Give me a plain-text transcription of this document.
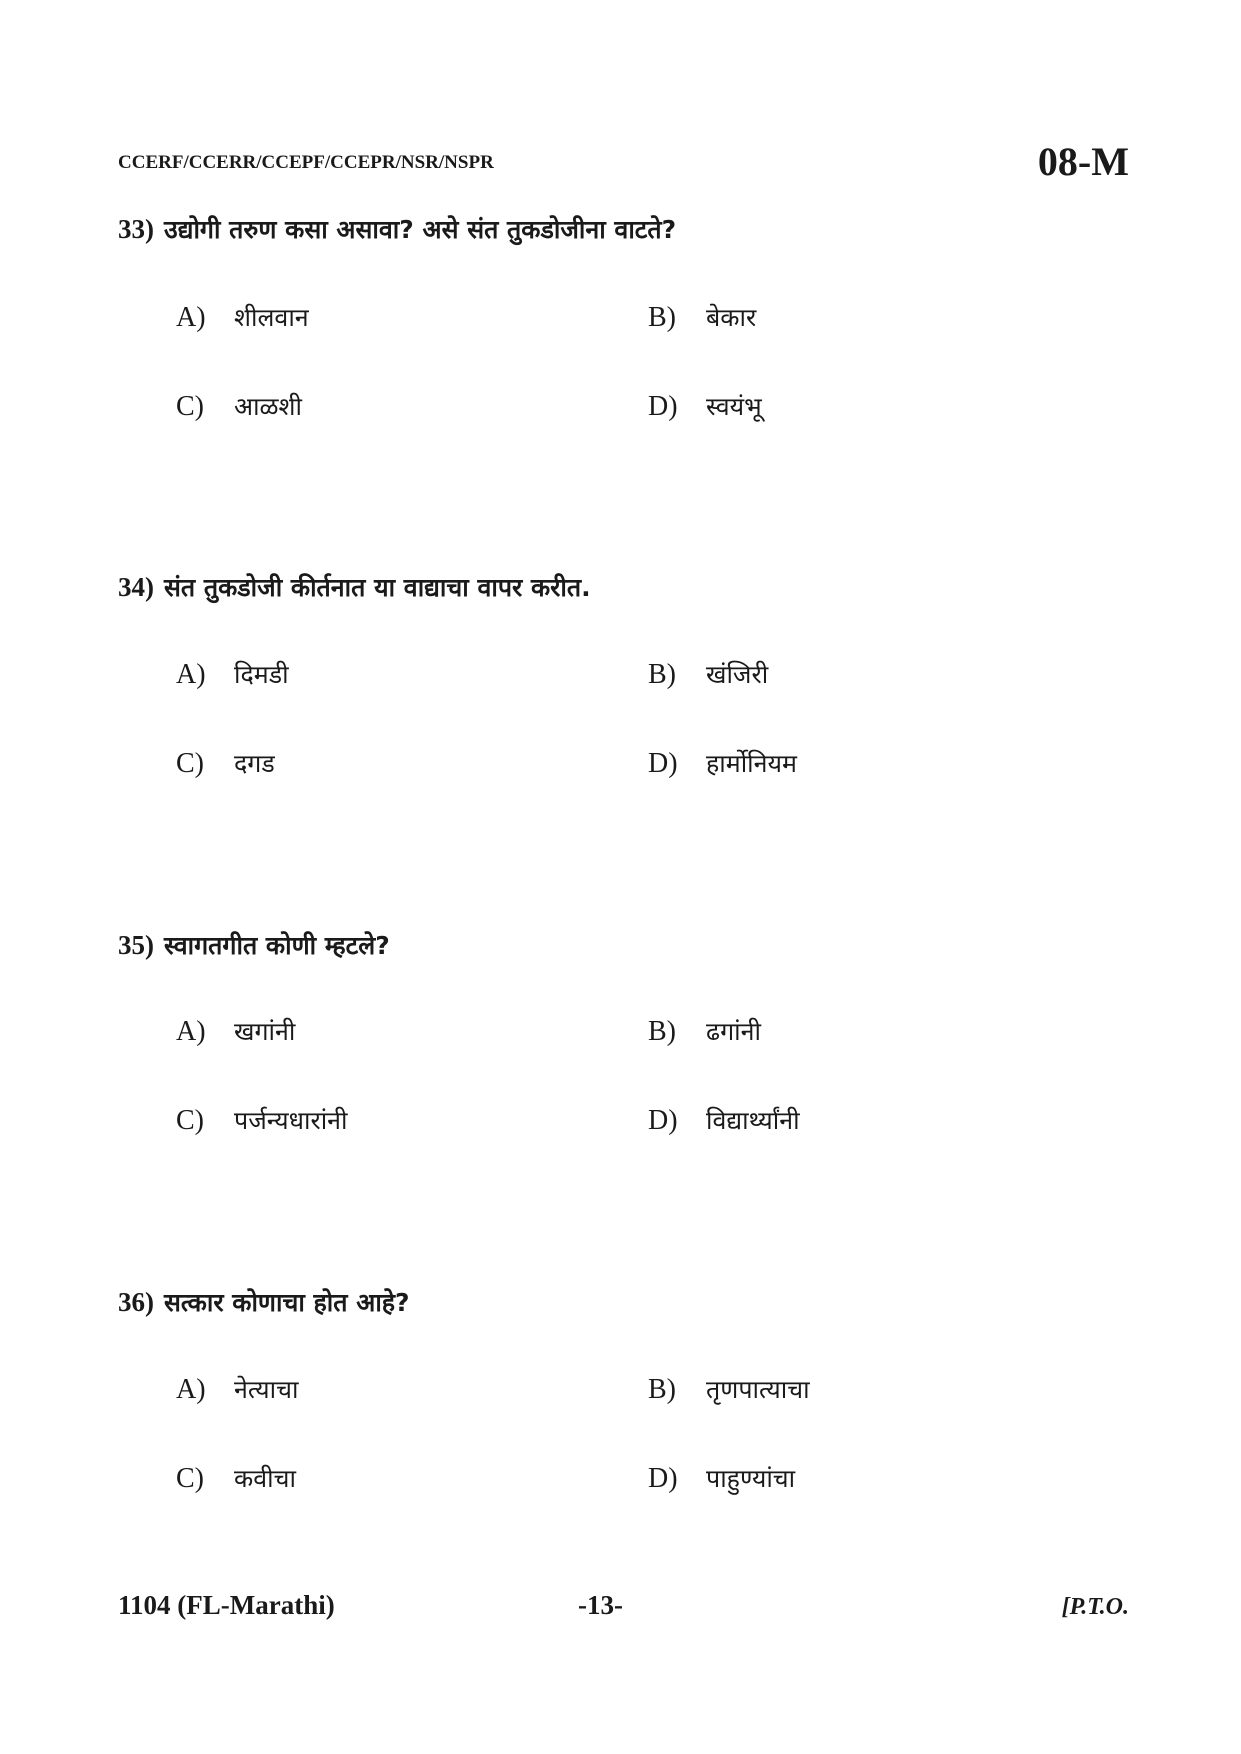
CCERF/CCERR/CCEPF/CCEPR/NSR/NSPR	08-M
33) उद्योगी तरुण कसा असावा? असे संत तुकडोजीना वाटते?
A) शीलवान	B) बेकार
C) आळशी	D) स्वयंभू
34) संत तुकडोजी कीर्तनात या वाद्याचा वापर करीत.
A) दिमडी	B) खंजिरी
C) दगड	D) हार्मोनियम
35) स्वागतगीत कोणी म्हटले?
A) खगांनी	B) ढगांनी
C) पर्जन्यधारांनी	D) विद्यार्थ्यांनी
36) सत्कार कोणाचा होत आहे?
A) नेत्याचा	B) तृणपात्याचा
C) कवीचा	D) पाहुण्यांचा
1104 (FL-Marathi)	-13-	[P.T.O.
